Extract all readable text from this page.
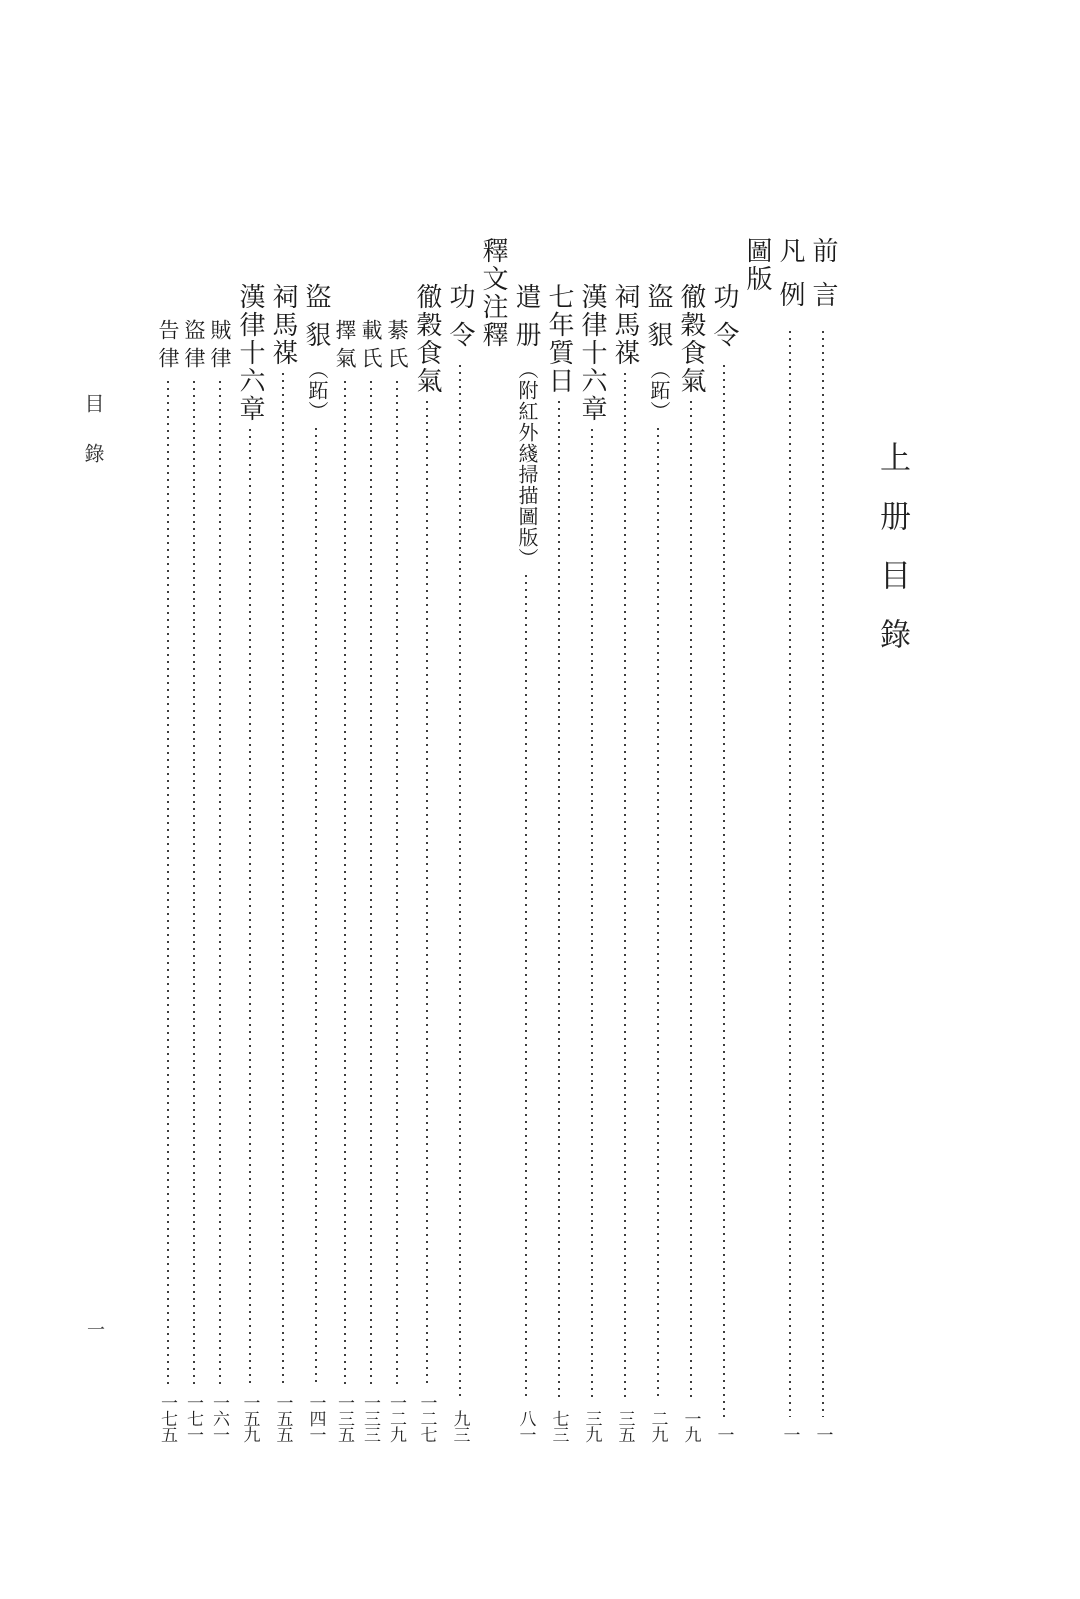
上册目錄
目錄
一
前言
一
凡例
一
圖版
功令
一
徹穀食氣
一九
盜貇（跖）
二九
祠馬禖
三五
漢律十六章
三九
七年質日
七三
遣册（附紅外綫掃描圖版）
八一
釋文注釋
功令
九三
徹穀食氣
一二七
綦氏
一二九
載氏
一三三
擇氣
一三五
盜貇（跖）
一四一
祠馬禖
一五五
漢律十六章
一五九
賊律
一六一
盜律
一七一
告律
一七五
